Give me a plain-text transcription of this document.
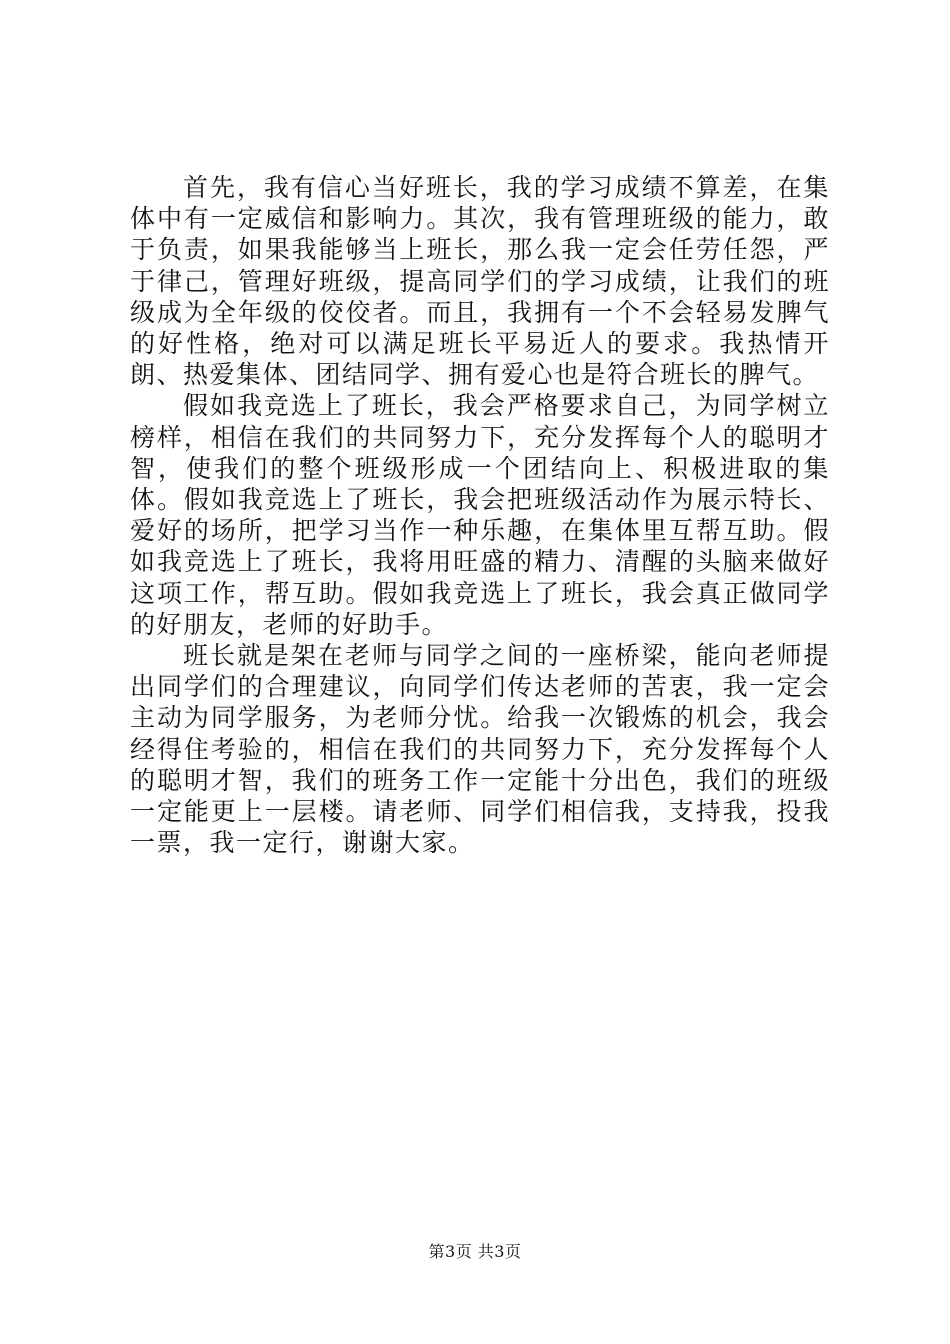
首先，我有信心当好班长，我的学习成绩不算差，在集体中有一定威信和影响力。其次，我有管理班级的能力，敢于负责，如果我能够当上班长，那么我一定会任劳任怨，严于律己，管理好班级，提高同学们的学习成绩，让我们的班级成为全年级的佼佼者。而且，我拥有一个不会轻易发脾气的好性格，绝对可以满足班长平易近人的要求。我热情开朗、热爱集体、团结同学、拥有爱心也是符合班长的脾气。

假如我竞选上了班长，我会严格要求自己，为同学树立榜样，相信在我们的共同努力下，充分发挥每个人的聪明才智，使我们的整个班级形成一个团结向上、积极进取的集体。假如我竞选上了班长，我会把班级活动作为展示特长、爱好的场所，把学习当作一种乐趣，在集体里互帮互助。假如我竞选上了班长，我将用旺盛的精力、清醒的头脑来做好这项工作，帮互助。假如我竞选上了班长，我会真正做同学的好朋友，老师的好助手。

班长就是架在老师与同学之间的一座桥梁，能向老师提出同学们的合理建议，向同学们传达老师的苦衷，我一定会主动为同学服务，为老师分忧。给我一次锻炼的机会，我会经得住考验的，相信在我们的共同努力下，充分发挥每个人的聪明才智，我们的班务工作一定能十分出色，我们的班级一定能更上一层楼。请老师、同学们相信我，支持我，投我一票，我一定行，谢谢大家。

第3页 共3页
